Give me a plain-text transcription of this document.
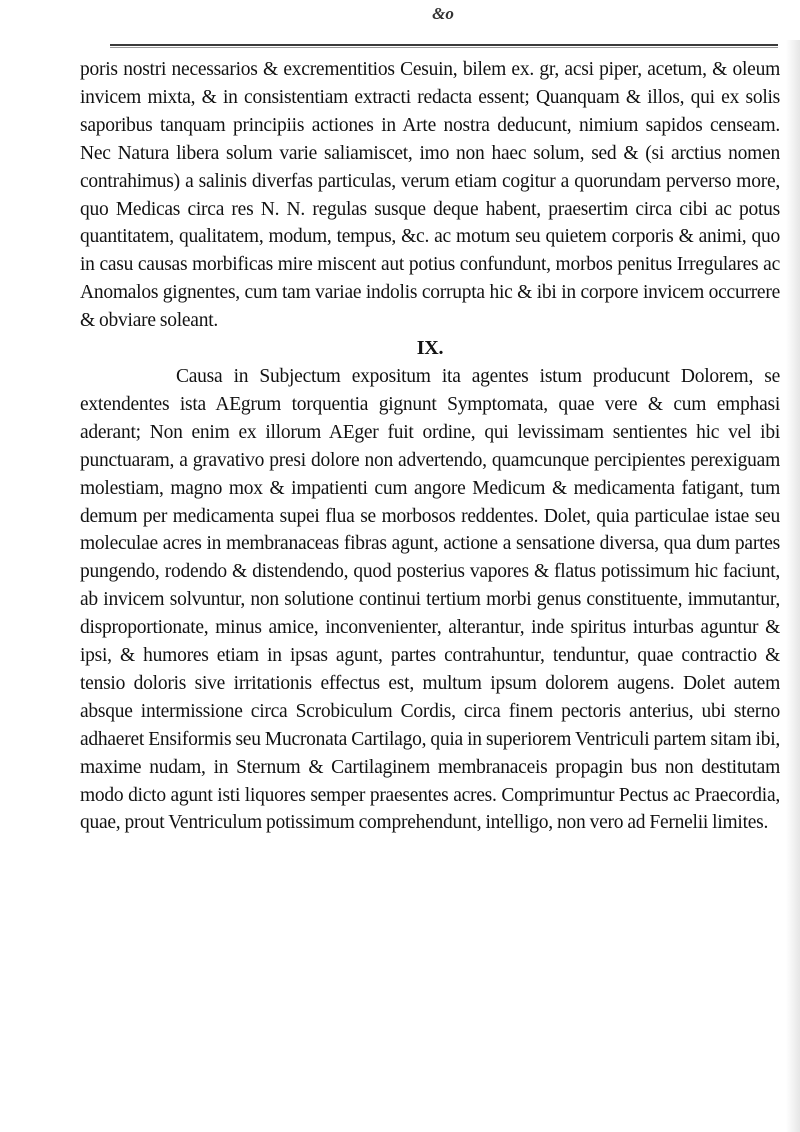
&o

poris nostri necessarios & excrementitios Cesuin, bilem ex. gr, acsi piper, acetum, & oleum invicem mixta, & in consistentiam extracti redacta essent; Quanquam & illos, qui ex solis saporibus tanquam principiis actiones in Arte nostra deducunt, nimium sapidos censeam. Nec Natura libera solum varie saliamiscet, imo non haec solum, sed & (si arctius nomen contrahimus) a salinis diverfas particulas, verum etiam cogitur a quorundam perverso more, quo Medicas circa res N. N. regulas susque deque habent, praesertim circa cibi ac potus quantitatem, qualitatem, modum, tempus, &c. ac motum seu quietem corporis & animi, quo in casu causas morbificas mire miscent aut potius confundunt, morbos penitus Irregulares ac Anomalos gignentes, cum tam variae indolis corrupta hic & ibi in corpore invicem occurrere & obviare soleant.

IX.

Causa in Subjectum expositum ita agentes istum producunt Dolorem, se extendentes ista AEgrum torquentia gignunt Symptomata, quae vere & cum emphasi aderant; Non enim ex illorum AEger fuit ordine, qui levissimam sentientes hic vel ibi punctuaram, a gravativo presi dolore non advertendo, quamcunque percipientes perexiguam molestiam, magno mox & impatienti cum angore Medicum & medicamenta fatigant, tum demum per medicamenta supei flua se morbosos reddentes. Dolet, quia particulae istae seu moleculae acres in membranaceas fibras agunt, actione a sensatione diversa, qua dum partes pungendo, rodendo & distendendo, quod posterius vapores & flatus potissimum hic faciunt, ab invicem solvuntur, non solutione continui tertium morbi genus constituente, immutantur, disproportionate, minus amice, inconvenienter, alterantur, inde spiritus inturbas aguntur & ipsi, & humores etiam in ipsas agunt, partes contrahuntur, tenduntur, quae contractio & tensio doloris sive irritationis effectus est, multum ipsum dolorem augens. Dolet autem absque intermissione circa Scrobiculum Cordis, circa finem pectoris anterius, ubi sterno adhaeret Ensiformis seu Mucronata Cartilago, quia in superiorem Ventriculi partem sitam ibi, maxime nudam, in Sternum & Cartilaginem membranaceis propagin bus non destitutam modo dicto agunt isti liquores semper praesentes acres. Comprimuntur Pectus ac Praecordia, quae, prout Ventriculum potissimum comprehendunt, intelligo, non vero ad Fernelii limites.
